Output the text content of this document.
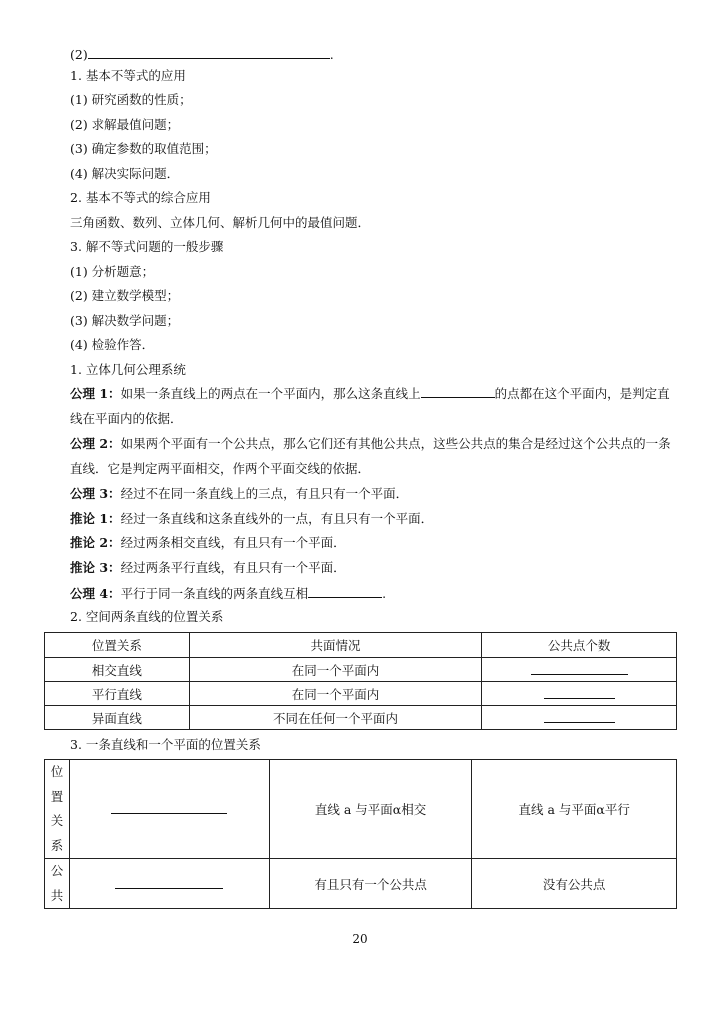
(2)	.
1. 基本不等式的应用
(1) 研究函数的性质；
(2) 求解最值问题；
(3) 确定参数的取值范围；
(4) 解决实际问题．
2. 基本不等式的综合应用
三角函数、数列、立体几何、解析几何中的最值问题．
3. 解不等式问题的一般步骤
(1) 分析题意；
(2) 建立数学模型；
(3) 解决数学问题；
(4) 检验作答．
1. 立体几何公理系统
公理 1：如果一条直线上的两点在一个平面内，那么这条直线上	的点都在这个平面内，是判定直线在平面内的依据．
公理 2：如果两个平面有一个公共点，那么它们还有其他公共点，这些公共点的集合是经过这个公共点的一条直线．它是判定两平面相交，作两个平面交线的依据．
公理 3：经过不在同一条直线上的三点，有且只有一个平面．
推论 1：经过一条直线和这条直线外的一点，有且只有一个平面．
推论 2：经过两条相交直线，有且只有一个平面．
推论 3：经过两条平行直线，有且只有一个平面．
公理 4：平行于同一条直线的两条直线互相	.
2. 空间两条直线的位置关系
位置关系	共面情况	公共点个数
相交直线	在同一个平面内	
平行直线	在同一个平面内	
异面直线	不同在任何一个平面内	
3. 一条直线和一个平面的位置关系
位
置
关
系		直线 a 与平面α相交	直线 a 与平面α平行

公
共		有且只有一个公共点	没有公共点
20
